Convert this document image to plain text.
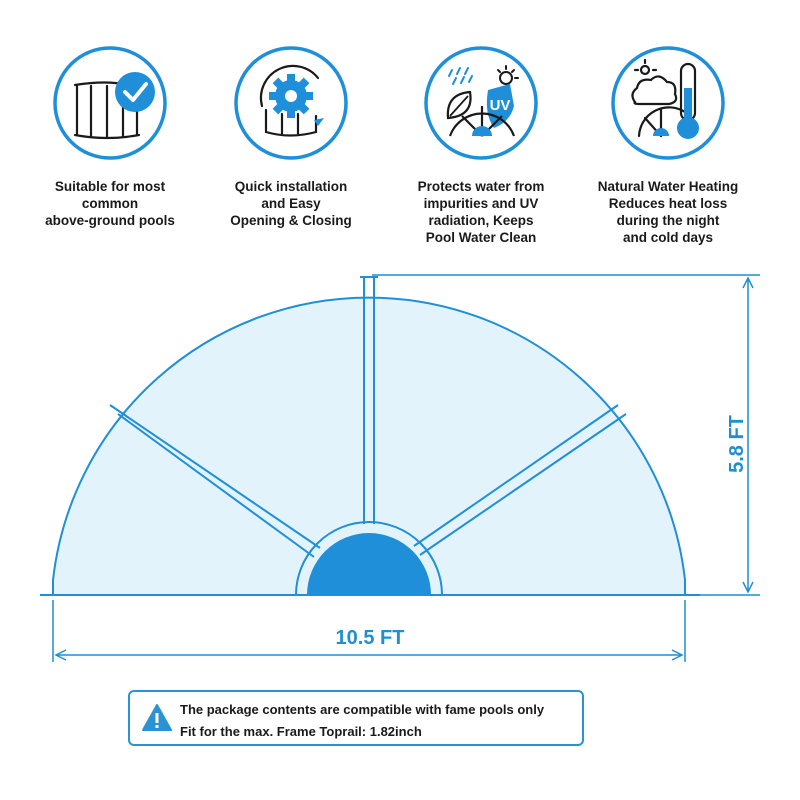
Suitable for most
common
above-ground pools
Quick installation
and Easy
Opening & Closing
UV
Protects water from
impurities and UV
radiation, Keeps
Pool Water Clean
Natural Water Heating
Reduces heat loss
during the night
and cold days
10.5 FT
5.8 FT
The package contents are compatible with fame pools only
Fit for the max. Frame Toprail: 1.82inch
